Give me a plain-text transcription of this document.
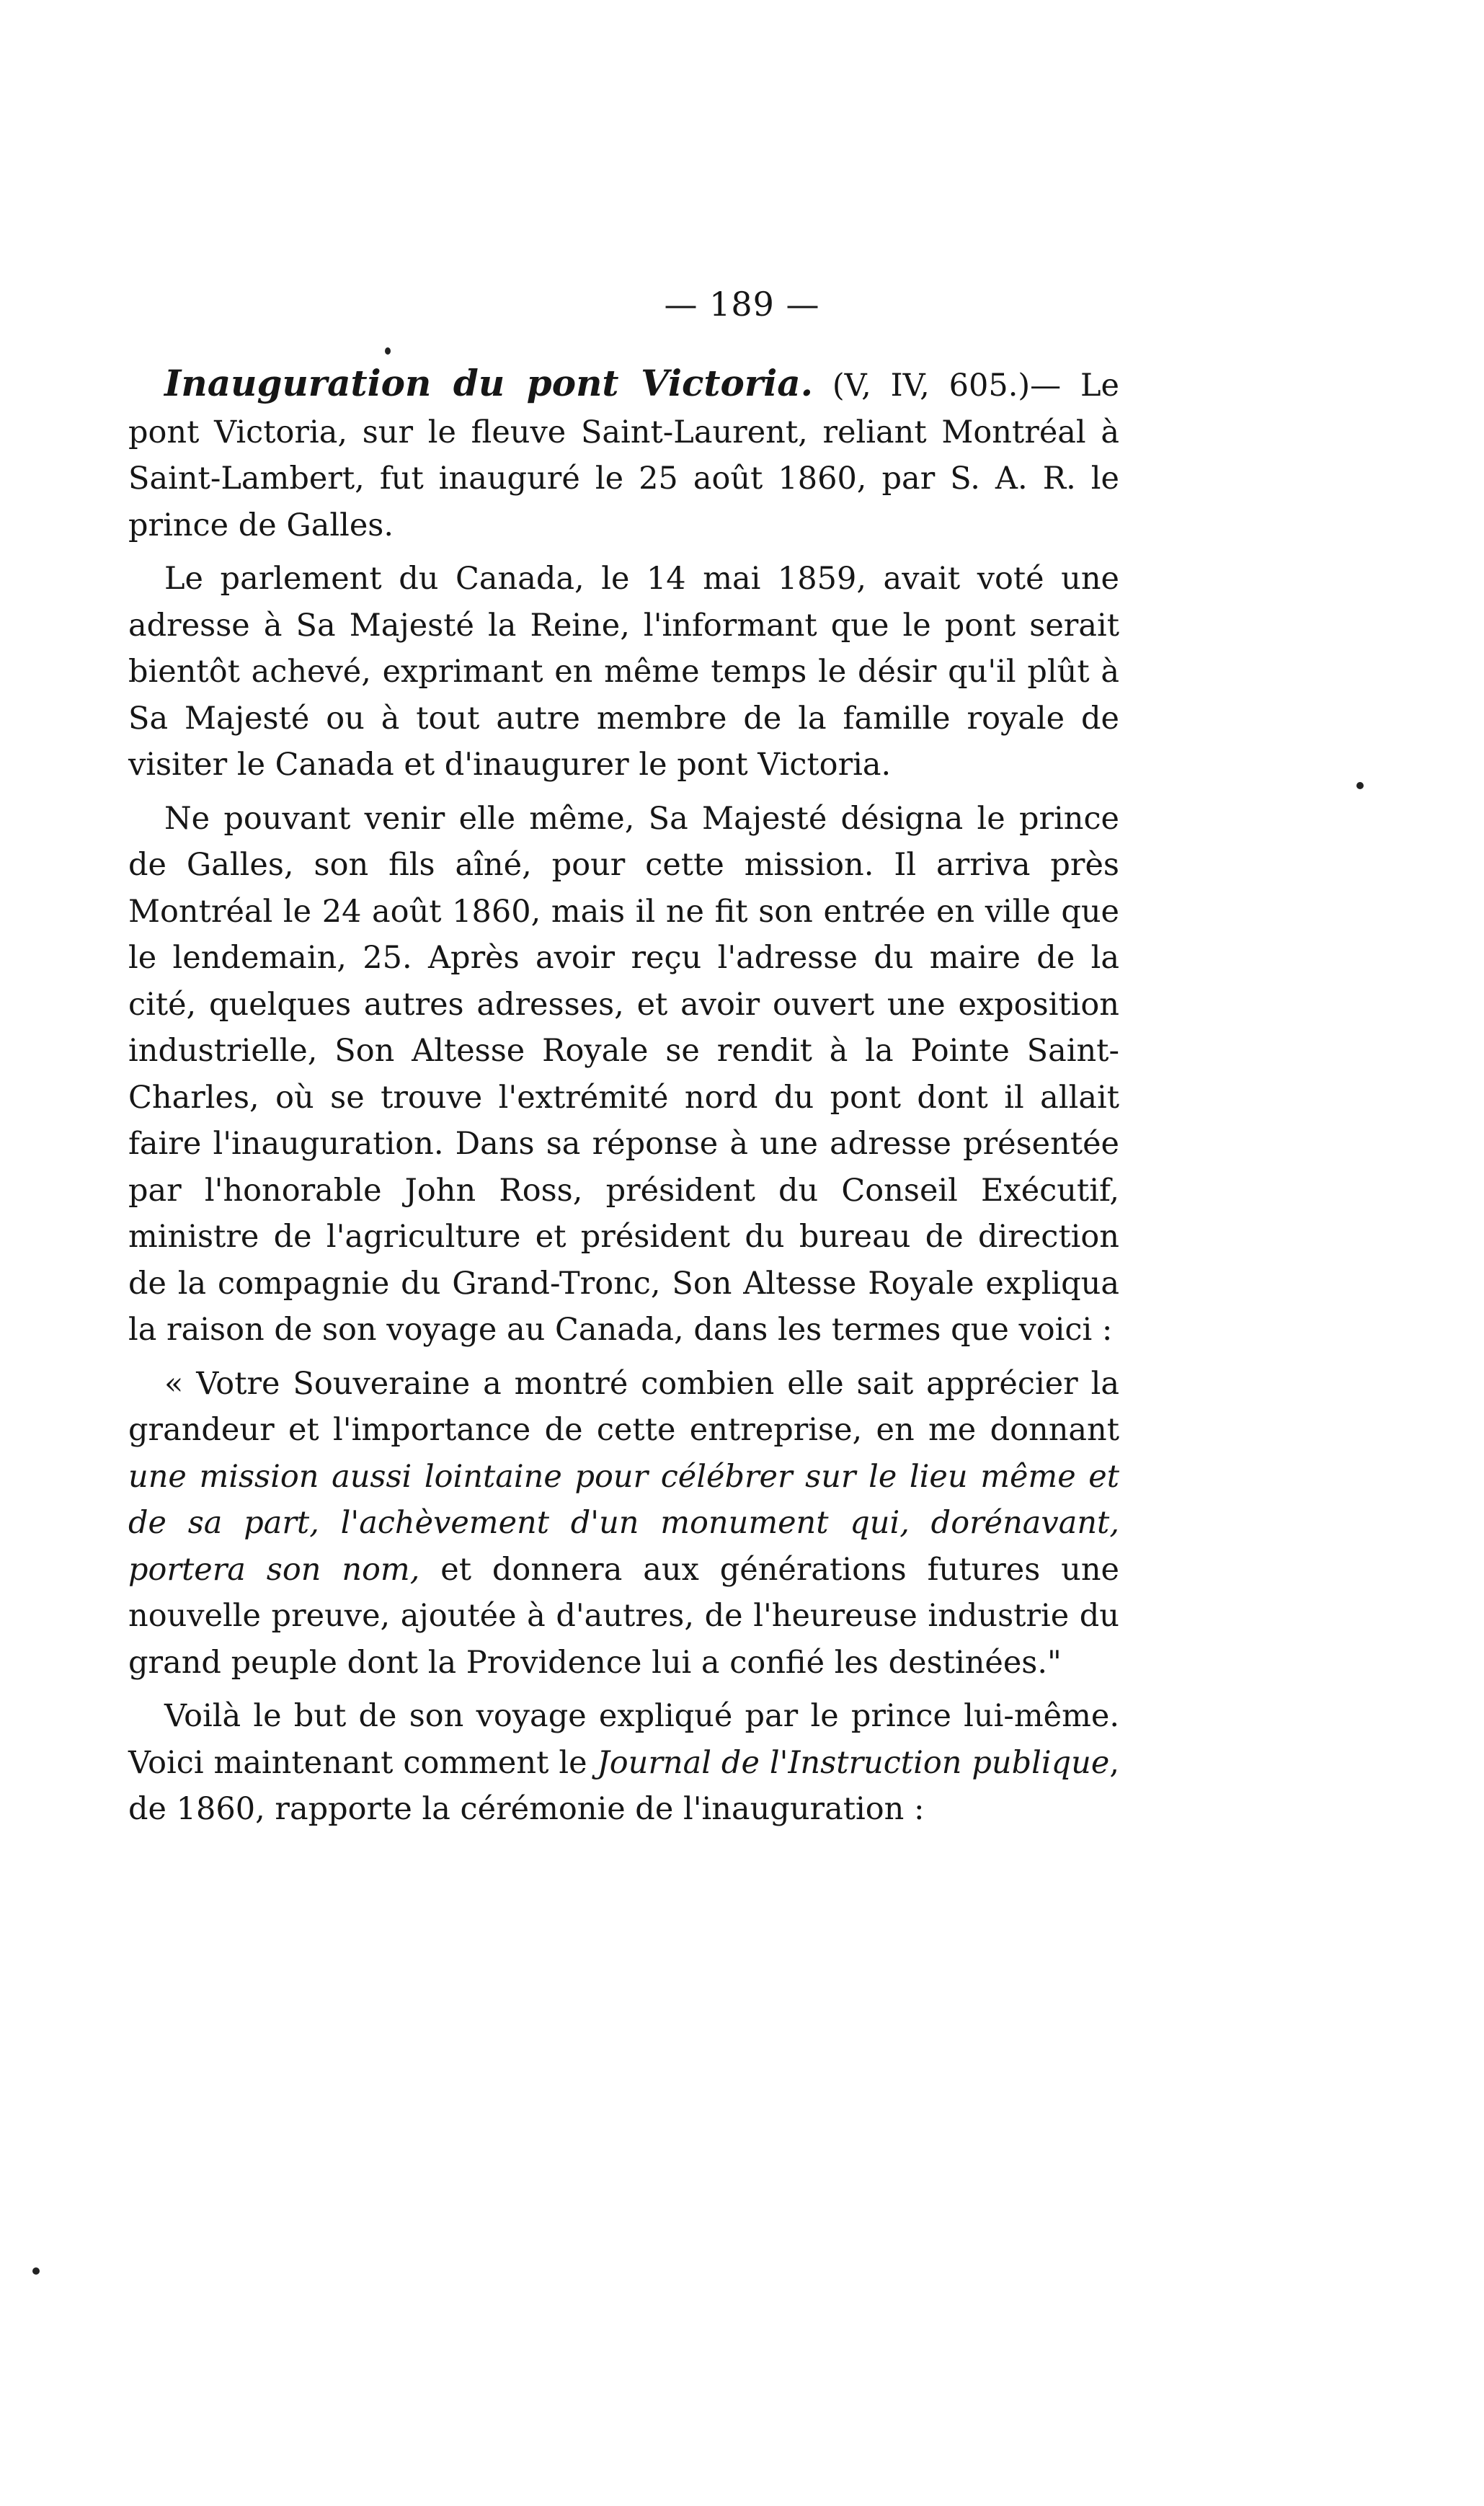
— 189 —

Inauguration du pont Victoria. (V, IV, 605.)— Le pont Victoria, sur le fleuve Saint-Laurent, reliant Montréal à Saint-Lambert, fut inauguré le 25 août 1860, par S. A. R. le prince de Galles.

Le parlement du Canada, le 14 mai 1859, avait voté une adresse à Sa Majesté la Reine, l'informant que le pont serait bientôt achevé, exprimant en même temps le désir qu'il plût à Sa Majesté ou à tout autre membre de la famille royale de visiter le Canada et d'inaugurer le pont Victoria.

Ne pouvant venir elle même, Sa Majesté désigna le prince de Galles, son fils aîné, pour cette mission. Il arriva près Montréal le 24 août 1860, mais il ne fit son entrée en ville que le lendemain, 25. Après avoir reçu l'adresse du maire de la cité, quelques autres adresses, et avoir ouvert une exposition industrielle, Son Altesse Royale se rendit à la Pointe Saint-Charles, où se trouve l'extrémité nord du pont dont il allait faire l'inauguration. Dans sa réponse à une adresse présentée par l'honorable John Ross, président du Conseil Exécutif, ministre de l'agriculture et président du bureau de direction de la compagnie du Grand-Tronc, Son Altesse Royale expliqua la raison de son voyage au Canada, dans les termes que voici :

« Votre Souveraine a montré combien elle sait apprécier la grandeur et l'importance de cette entreprise, en me donnant une mission aussi lointaine pour célébrer sur le lieu même et de sa part, l'achèvement d'un monument qui, dorénavant, portera son nom, et donnera aux générations futures une nouvelle preuve, ajoutée à d'autres, de l'heureuse industrie du grand peuple dont la Providence lui a confié les destinées."

Voilà le but de son voyage expliqué par le prince lui-même. Voici maintenant comment le Journal de l'Instruction publique, de 1860, rapporte la cérémonie de l'inauguration :
